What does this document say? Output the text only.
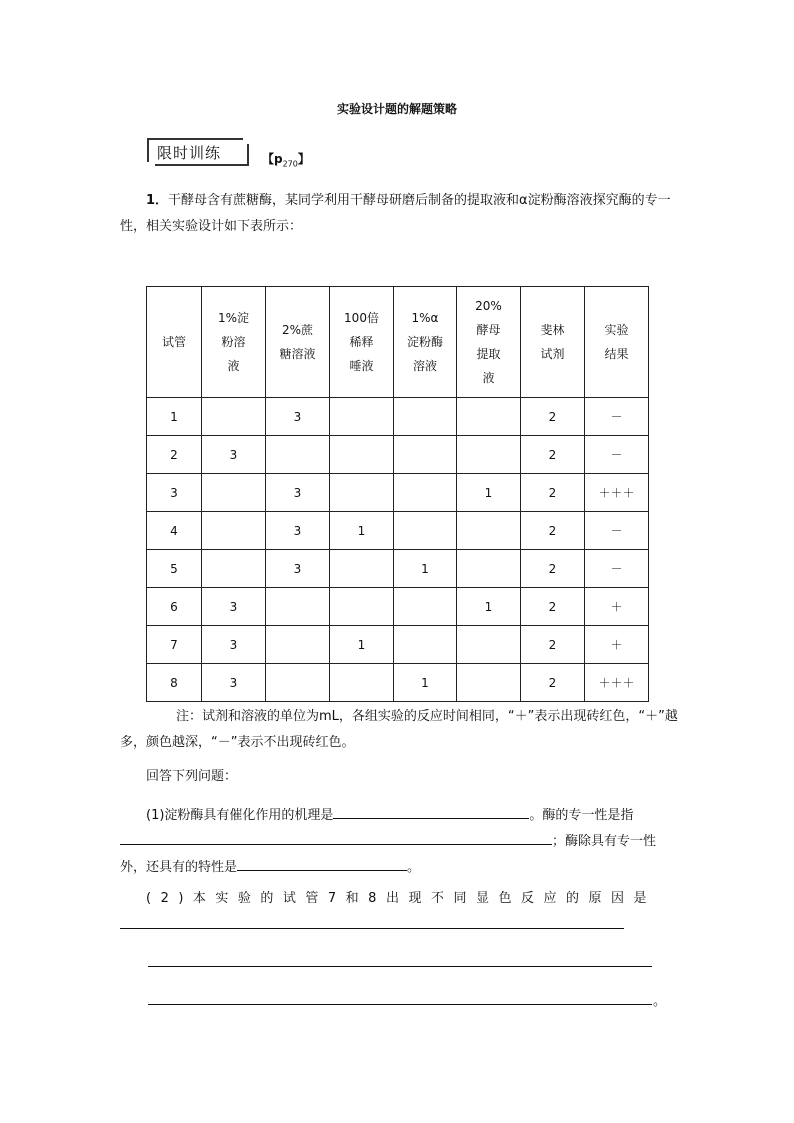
实验设计题的解题策略
限时训练	【$p_{270}$】
1．干酵母含有蔗糖酶，某同学利用干酵母研磨后制备的提取液和α淀粉酶溶液探究酶的专一性，相关实验设计如下表所示：
试管	1%淀粉溶液	2%蔗糖溶液	100倍稀释唾液	1%α淀粉酶溶液	20%酵母提取液	斐林试剂	实验结果
1		3				2	－
2	3					2	－
3		3			1	2	＋＋＋
4		3	1			2	－
5		3		1		2	－
6	3				1	2	＋
7	3		1			2	＋
8	3			1		2	＋＋＋
注：试剂和溶液的单位为mL，各组实验的反应时间相同，“＋”表示出现砖红色，“＋”越多，颜色越深，“－”表示不出现砖红色。
回答下列问题：
(1)淀粉酶具有催化作用的机理是	。酶的专一性是指；酶除具有专一性外，还具有的特性是	。
(2)本实验的试管7和8出现不同显色反应的原因是
。
